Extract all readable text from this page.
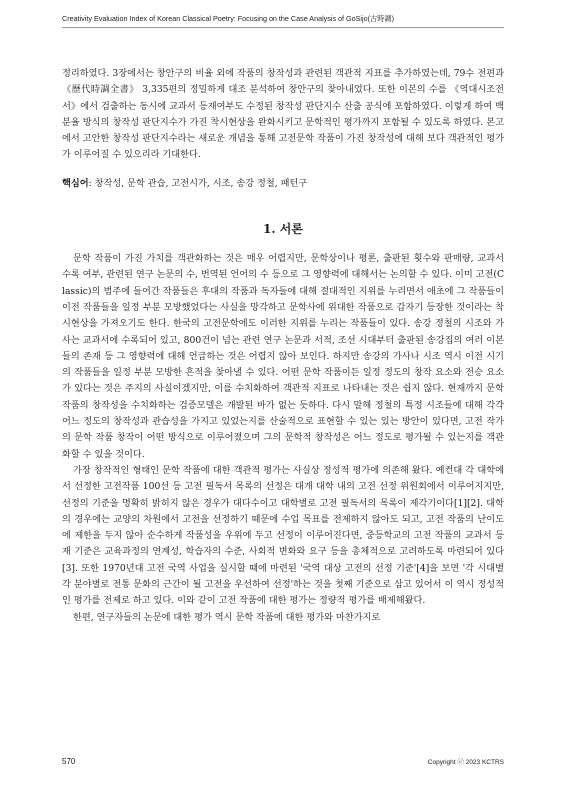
Creativity Evaluation Index of Korean Classical Poetry: Focusing on the Case Analysis of GoSijo(古時調)

정리하였다. 3장에서는 창안구의 비율 외에 작품의 창작성과 관련된 객관적 지표를 추가하였는데, 79수 전편과 《歷代時調全書》 3,335편의 정밀하게 대조 분석하여 창안구의 찾아내었다. 또한 이본의 수를 《역대시조전서》에서 검출하는 동시에 교과서 등재여부도 수정된 창작성 판단지수 산출 공식에 포함하였다. 이렇게 하여 백분율 방식의 창작성 판단지수가 가진 착시현상을 완화시키고 문학적인 평가까지 포함될 수 있도록 하였다. 본고에서 고안한 창작성 판단지수라는 새로운 개념을 통해 고전문학 작품이 가진 창작성에 대해 보다 객관적인 평가가 이루어질 수 있으리라 기대한다.

핵심어: 창작성, 문학 관습, 고전시가, 시조, 송강 정철, 패턴구
1. 서론

문학 작품이 가진 가치를 객관화하는 것은 매우 어렵지만, 문학상이나 평론, 출판된 횟수와 판매량, 교과서 수록 여부, 관련된 연구 논문의 수, 번역된 언어의 수 등으로 그 영향력에 대해서는 논의할 수 있다. 이미 고전(Classic)의 범주에 들어간 작품들은 후대의 작품과 독자들에 대해 절대적인 지위를 누리면서 애초에 그 작품들이 이전 작품들을 일정 부분 모방했었다는 사실을 망각하고 문학사에 위대한 작품으로 갑자기 등장한 것이라는 착시현상을 가져오기도 한다. 한국의 고전문학에도 이러한 지위를 누리는 작품들이 있다. 송강 정철의 시조와 가사는 교과서에 수록되어 있고, 800건이 넘는 관련 연구 논문과 서적, 조선 시대부터 출판된 송강집의 여러 이본들의 존재 등 그 영향력에 대해 언급하는 것은 어렵지 않아 보인다. 하지만 송강의 가사나 시조 역시 이전 시기의 작품들을 일정 부분 모방한 흔적을 찾아낼 수 있다. 어떤 문학 작품이든 일정 정도의 창작 요소와 전승 요소가 있다는 것은 주지의 사실이겠지만, 이를 수치화하여 객관적 지표로 나타내는 것은 쉽지 않다. 현재까지 문학 작품의 창작성을 수치화하는 검증모델은 개발된 바가 없는 듯하다. 다시 말해 정철의 특정 시조들에 대해 각각 어느 정도의 창작성과 관습성을 가지고 있었는지를 산술적으로 표현할 수 있는 있는 방안이 있다면, 고전 작가의 문학 작품 창작이 어떤 방식으로 이루어졌으며 그의 문학적 창작성은 어느 정도로 평가될 수 있는지를 객관화할 수 있을 것이다.

가장 창작적인 형태인 문학 작품에 대한 객관적 평가는 사실상 정성적 평가에 의존해 왔다. 예컨대 각 대학에서 선정한 고전작품 100선 등 고전 필독서 목록의 선정은 대개 대학 내의 고전 선정 위원회에서 이루어지지만, 선정의 기준을 명확히 밝히지 않은 경우가 대다수이고 대학별로 고전 필독서의 목록이 제각기이다[1][2]. 대학의 경우에는 교양의 차원에서 고전을 선정하기 때문에 수업 목표를 전제하지 않아도 되고, 고전 작품의 난이도에 제한을 두지 않아 순수하게 작품성을 우위에 두고 선정이 이루어진다면, 중등학교의 고전 작품의 교과서 등재 기준은 교육과정의 연계성, 학습자의 수준, 사회적 변화와 요구 등을 총체적으로 고려하도록 마련되어 있다[3]. 또한 1970년대 고전 국역 사업을 실시할 때에 마련된 '국역 대상 고전의 선정 기준'[4]을 보면 '각 시대별 각 분야별로 전통 문화의 근간이 될 고전을 우선하여 선정'하는 것을 첫째 기준으로 삼고 있어서 이 역시 정성적인 평가를 전제로 하고 있다. 이와 같이 고전 작품에 대한 평가는 정량적 평가를 배제해왔다.

한편, 연구자들의 논문에 대한 평가 역시 문학 작품에 대한 평가와 마찬가지로

570	Copyright ⓒ 2023 KCTRS
